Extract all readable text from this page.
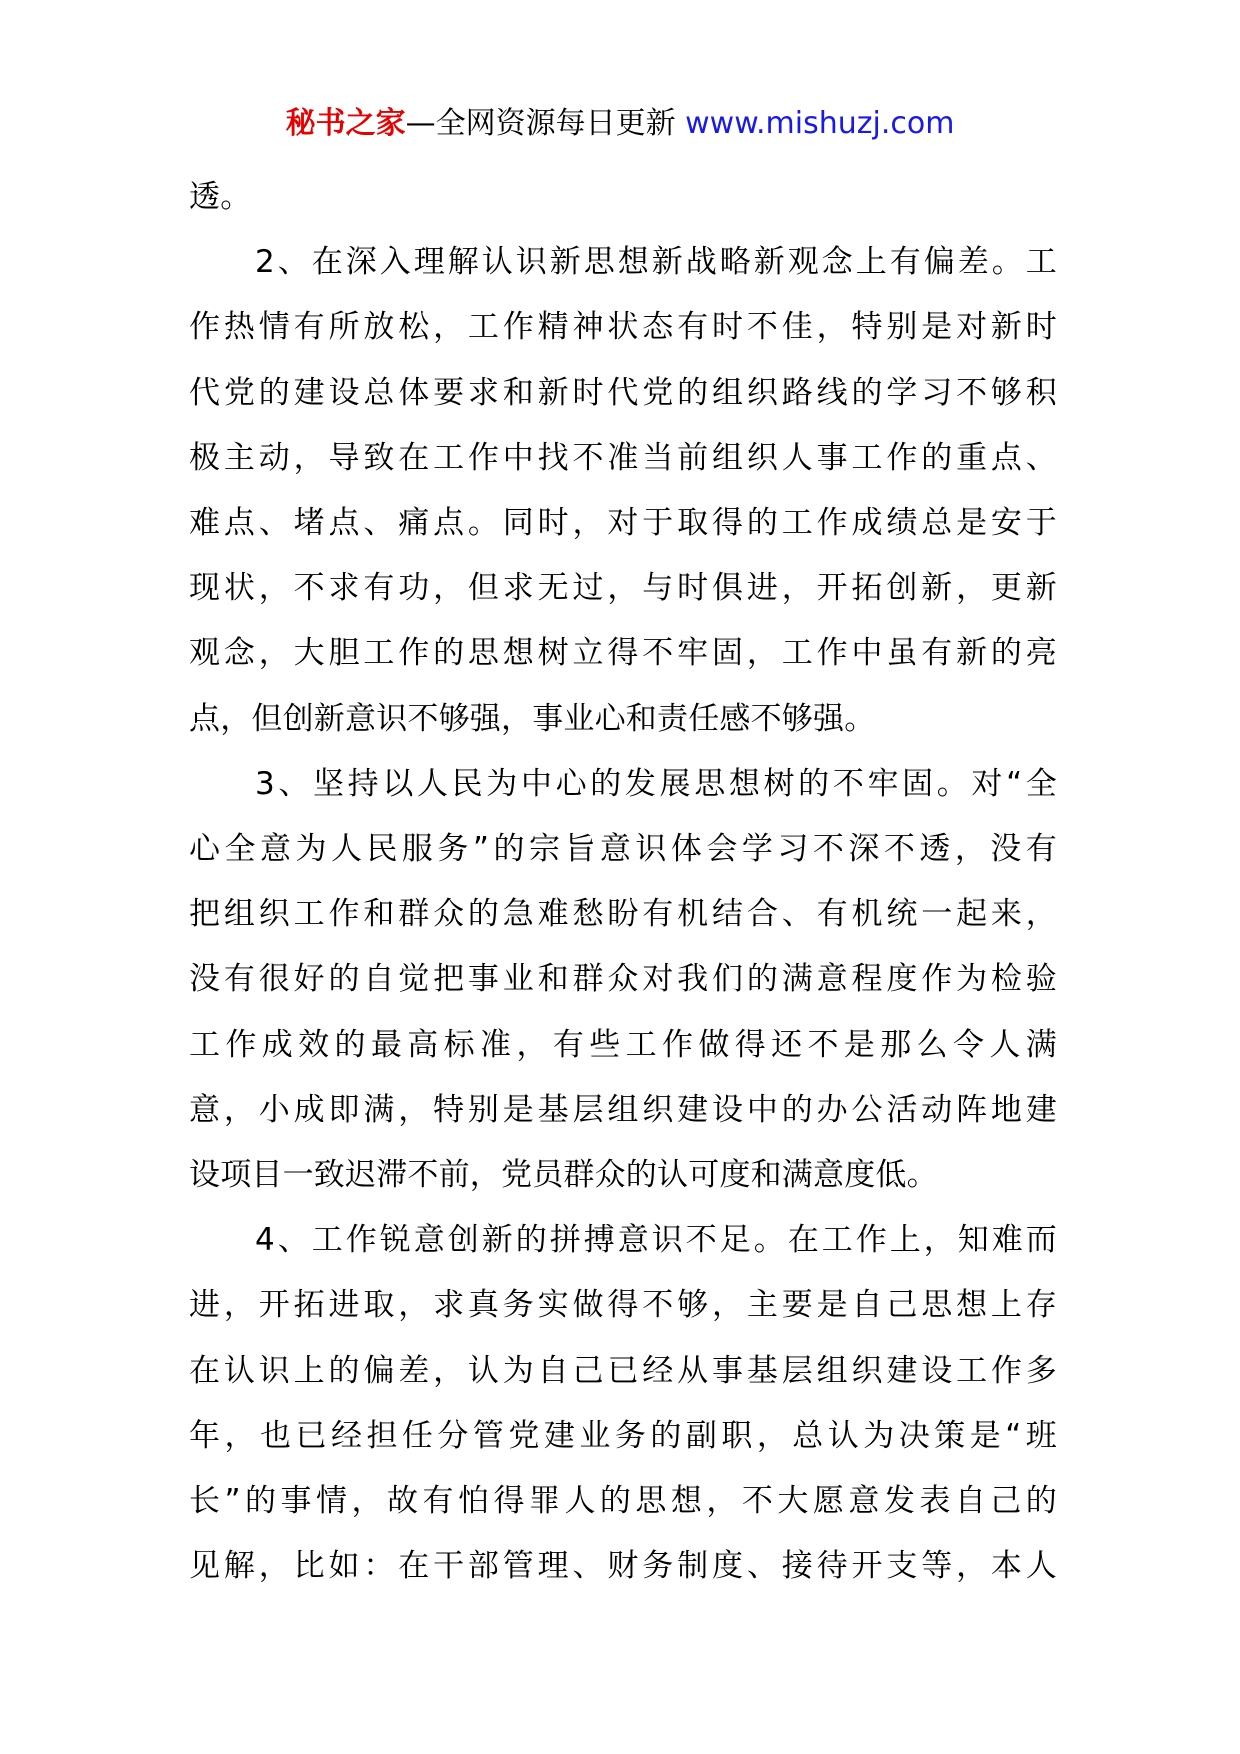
秘书之家—全网资源每日更新 www.mishuzj.com
透。
2、在深入理解认识新思想新战略新观念上有偏差。工
作热情有所放松，工作精神状态有时不佳，特别是对新时
代党的建设总体要求和新时代党的组织路线的学习不够积
极主动，导致在工作中找不准当前组织人事工作的重点、
难点、堵点、痛点。同时，对于取得的工作成绩总是安于
现状，不求有功，但求无过，与时俱进，开拓创新，更新
观念，大胆工作的思想树立得不牢固，工作中虽有新的亮
点，但创新意识不够强，事业心和责任感不够强。
3、坚持以人民为中心的发展思想树的不牢固。对“全
心全意为人民服务”的宗旨意识体会学习不深不透，没有
把组织工作和群众的急难愁盼有机结合、有机统一起来，
没有很好的自觉把事业和群众对我们的满意程度作为检验
工作成效的最高标准，有些工作做得还不是那么令人满
意，小成即满，特别是基层组织建设中的办公活动阵地建
设项目一致迟滞不前，党员群众的认可度和满意度低。
4、工作锐意创新的拼搏意识不足。在工作上，知难而
进，开拓进取，求真务实做得不够，主要是自己思想上存
在认识上的偏差，认为自己已经从事基层组织建设工作多
年，也已经担任分管党建业务的副职，总认为决策是“班
长”的事情，故有怕得罪人的思想，不大愿意发表自己的
见解，比如：在干部管理、财务制度、接待开支等，本人
